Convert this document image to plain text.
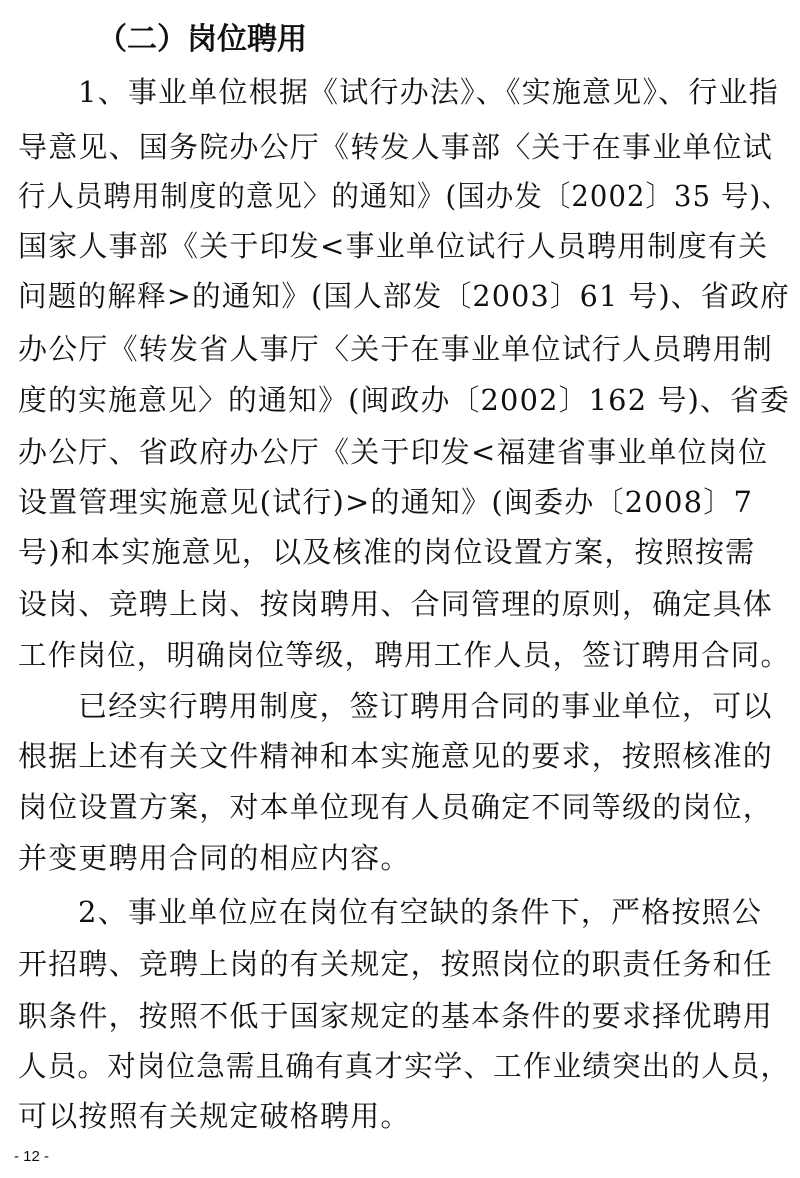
（二）岗位聘用
1、事业单位根据《试行办法》、《实施意见》、行业指
导意见、国务院办公厅《转发人事部〈关于在事业单位试
行人员聘用制度的意见〉的通知》(国办发〔2002〕35 号)、
国家人事部《关于印发<事业单位试行人员聘用制度有关
问题的解释>的通知》(国人部发〔2003〕61 号)、省政府
办公厅《转发省人事厅〈关于在事业单位试行人员聘用制
度的实施意见〉的通知》(闽政办〔2002〕162 号)、省委
办公厅、省政府办公厅《关于印发<福建省事业单位岗位
设置管理实施意见(试行)>的通知》(闽委办〔2008〕7
号)和本实施意见，以及核准的岗位设置方案，按照按需
设岗、竞聘上岗、按岗聘用、合同管理的原则，确定具体
工作岗位，明确岗位等级，聘用工作人员，签订聘用合同。
已经实行聘用制度，签订聘用合同的事业单位，可以
根据上述有关文件精神和本实施意见的要求，按照核准的
岗位设置方案，对本单位现有人员确定不同等级的岗位，
并变更聘用合同的相应内容。
2、事业单位应在岗位有空缺的条件下，严格按照公
开招聘、竞聘上岗的有关规定，按照岗位的职责任务和任
职条件，按照不低于国家规定的基本条件的要求择优聘用
人员。对岗位急需且确有真才实学、工作业绩突出的人员，
可以按照有关规定破格聘用。
- 12 -
